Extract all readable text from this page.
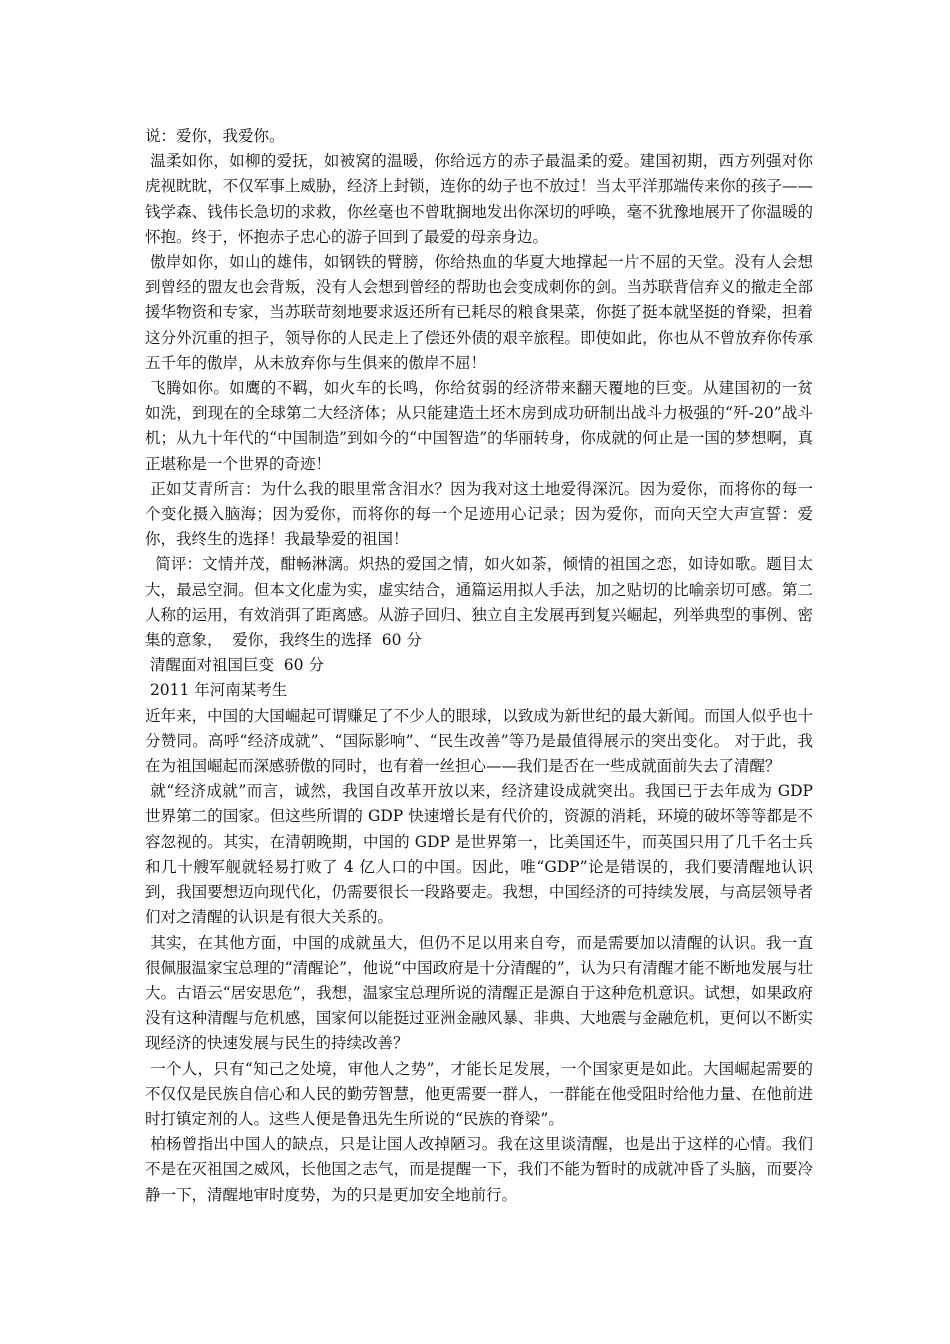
说：爱你，我爱你。

温柔如你，如柳的爱抚，如被窝的温暖，你给远方的赤子最温柔的爱。建国初期，西方列强对你虎视眈眈，不仅军事上威胁，经济上封锁，连你的幼子也不放过！当太平洋那端传来你的孩子——钱学森、钱伟长急切的求救，你丝毫也不曾耽搁地发出你深切的呼唤，毫不犹豫地展开了你温暖的怀抱。终于，怀抱赤子忠心的游子回到了最爱的母亲身边。

傲岸如你，如山的雄伟，如钢铁的臂膀，你给热血的华夏大地撑起一片不屈的天堂。没有人会想到曾经的盟友也会背叛，没有人会想到曾经的帮助也会变成刺你的剑。当苏联背信弃义的撤走全部援华物资和专家，当苏联苛刻地要求返还所有已耗尽的粮食果菜，你挺了挺本就坚挺的脊梁，担着这分外沉重的担子，领导你的人民走上了偿还外债的艰辛旅程。即使如此，你也从不曾放弃你传承五千年的傲岸，从未放弃你与生俱来的傲岸不屈！

飞腾如你。如鹰的不羁，如火车的长鸣，你给贫弱的经济带来翻天覆地的巨变。从建国初的一贫如洗，到现在的全球第二大经济体；从只能建造土坯木房到成功研制出战斗力极强的“歼-20”战斗机；从九十年代的“中国制造”到如今的“中国智造”的华丽转身，你成就的何止是一国的梦想啊，真正堪称是一个世界的奇迹！

正如艾青所言：为什么我的眼里常含泪水？因为我对这土地爱得深沉。因为爱你，而将你的每一个变化摄入脑海；因为爱你，而将你的每一个足迹用心记录；因为爱你，而向天空大声宣誓：爱你，我终生的选择！我最挚爱的祖国！

简评：文情并茂，酣畅淋漓。炽热的爱国之情，如火如荼，倾情的祖国之恋，如诗如歌。题目太大，最忌空洞。但本文化虚为实，虚实结合，通篇运用拟人手法，加之贴切的比喻亲切可感。第二人称的运用，有效消弭了距离感。从游子回归、独立自主发展再到复兴崛起，列举典型的事例、密集的意象，  爱你，我终生的选择  60 分

清醒面对祖国巨变  60 分

2011 年河南某考生

近年来，中国的大国崛起可谓赚足了不少人的眼球，以致成为新世纪的最大新闻。而国人似乎也十分赞同。高呼“经济成就”、“国际影响”、“民生改善”等乃是最值得展示的突出变化。 对于此，我在为祖国崛起而深感骄傲的同时，也有着一丝担心——我们是否在一些成就面前失去了清醒？

就“经济成就”而言，诚然，我国自改革开放以来，经济建设成就突出。我国已于去年成为 GDP 世界第二的国家。但这些所谓的 GDP 快速增长是有代价的，资源的消耗，环境的破坏等等都是不容忽视的。其实，在清朝晚期，中国的 GDP 是世界第一，比美国还牛，而英国只用了几千名士兵和几十艘军舰就轻易打败了 4 亿人口的中国。因此，唯“GDP”论是错误的，我们要清醒地认识到，我国要想迈向现代化，仍需要很长一段路要走。我想，中国经济的可持续发展，与高层领导者们对之清醒的认识是有很大关系的。

其实，在其他方面，中国的成就虽大，但仍不足以用来自夸，而是需要加以清醒的认识。我一直很佩服温家宝总理的“清醒论”，他说“中国政府是十分清醒的”，认为只有清醒才能不断地发展与壮大。古语云“居安思危”，我想，温家宝总理所说的清醒正是源自于这种危机意识。试想，如果政府没有这种清醒与危机感，国家何以能挺过亚洲金融风暴、非典、大地震与金融危机，更何以不断实现经济的快速发展与民生的持续改善？

一个人，只有“知己之处境，审他人之势”，才能长足发展，一个国家更是如此。大国崛起需要的不仅仅是民族自信心和人民的勤劳智慧，他更需要一群人，一群能在他受阻时给他力量、在他前进时打镇定剂的人。这些人便是鲁迅先生所说的“民族的脊梁”。

柏杨曾指出中国人的缺点，只是让国人改掉陋习。我在这里谈清醒，也是出于这样的心情。我们不是在灭祖国之威风，长他国之志气，而是提醒一下，我们不能为暂时的成就冲昏了头脑，而要冷静一下，清醒地审时度势，为的只是更加安全地前行。
